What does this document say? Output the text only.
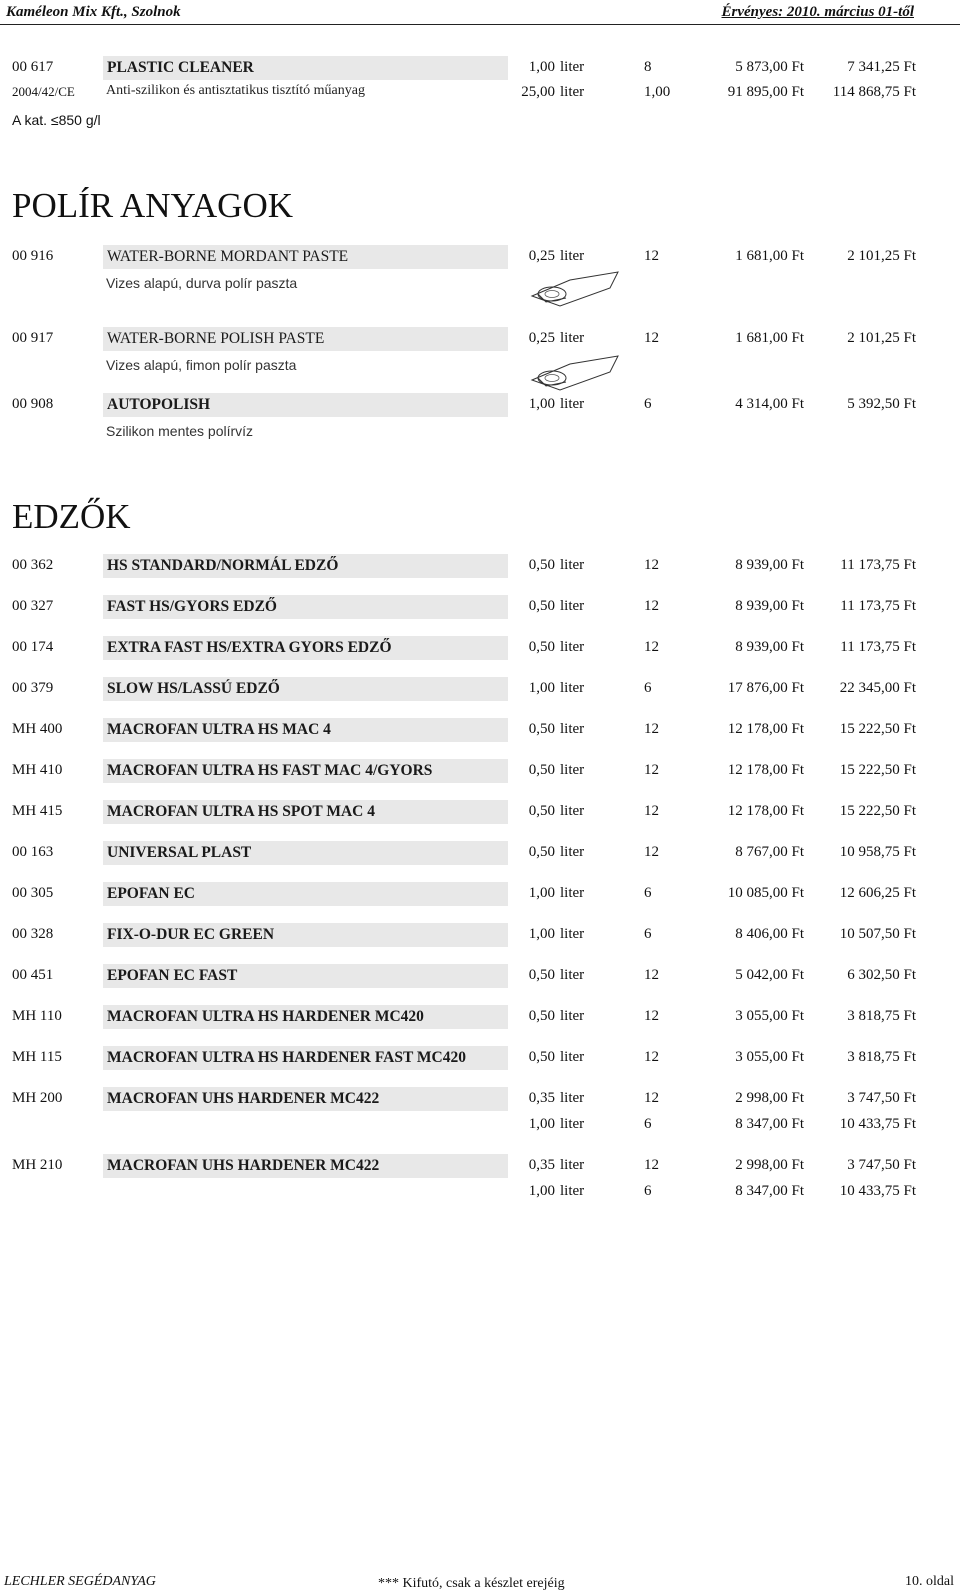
Kaméleon Mix Kft., Szolnok	Érvényes: 2010. március 01-től
00 617	PLASTIC CLEANER	1,00 liter	8	5 873,00 Ft	7 341,25 Ft
2004/42/CE Anti-szilikon és antisztatikus tisztító műanyag	25,00 liter	1,00	91 895,00 Ft 114 868,75 Ft
A kat. ≤850 g/l
POLÍR ANYAGOK
00 916	WATER-BORNE MORDANT PASTE	0,25 liter	12	1 681,00 Ft	2 101,25 Ft
Vizes alapú, durva polír paszta
00 917	WATER-BORNE POLISH PASTE	0,25 liter	12	1 681,00 Ft	2 101,25 Ft
Vizes alapú, fimon polír paszta
00 908	AUTOPOLISH	1,00 liter	6	4 314,00 Ft	5 392,50 Ft
Szilikon mentes polírvíz
EDZŐK
00 362	HS STANDARD/NORMÁL EDZŐ	0,50 liter	12	8 939,00 Ft 11 173,75 Ft
00 327	FAST HS/GYORS EDZŐ	0,50 liter	12	8 939,00 Ft 11 173,75 Ft
00 174	EXTRA FAST HS/EXTRA GYORS EDZŐ	0,50 liter	12	8 939,00 Ft 11 173,75 Ft
00 379	SLOW HS/LASSÚ EDZŐ	1,00 liter	6	17 876,00 Ft 22 345,00 Ft
MH 400	MACROFAN ULTRA HS MAC 4	0,50 liter	12	12 178,00 Ft 15 222,50 Ft
MH 410	MACROFAN ULTRA HS FAST MAC 4/GYORS	0,50 liter	12	12 178,00 Ft 15 222,50 Ft
MH 415	MACROFAN ULTRA HS SPOT MAC 4	0,50 liter	12	12 178,00 Ft 15 222,50 Ft
00 163	UNIVERSAL PLAST	0,50 liter	12	8 767,00 Ft 10 958,75 Ft
00 305	EPOFAN EC	1,00 liter	6	10 085,00 Ft 12 606,25 Ft
00 328	FIX-O-DUR EC GREEN	1,00 liter	6	8 406,00 Ft 10 507,50 Ft
00 451	EPOFAN EC FAST	0,50 liter	12	5 042,00 Ft	6 302,50 Ft
MH 110	MACROFAN ULTRA HS HARDENER MC420	0,50 liter	12	3 055,00 Ft	3 818,75 Ft
MH 115	MACROFAN ULTRA HS HARDENER FAST MC420	0,50 liter	12	3 055,00 Ft	3 818,75 Ft
MH 200	MACROFAN UHS HARDENER MC422	0,35 liter	12	2 998,00 Ft	3 747,50 Ft
1,00 liter	6	8 347,00 Ft 10 433,75 Ft
MH 210	MACROFAN UHS HARDENER MC422	0,35 liter	12	2 998,00 Ft	3 747,50 Ft
1,00 liter	6	8 347,00 Ft 10 433,75 Ft
LECHLER SEGÉDANYAG	*** Kifutó, csak a készlet erejéig	10. oldal
